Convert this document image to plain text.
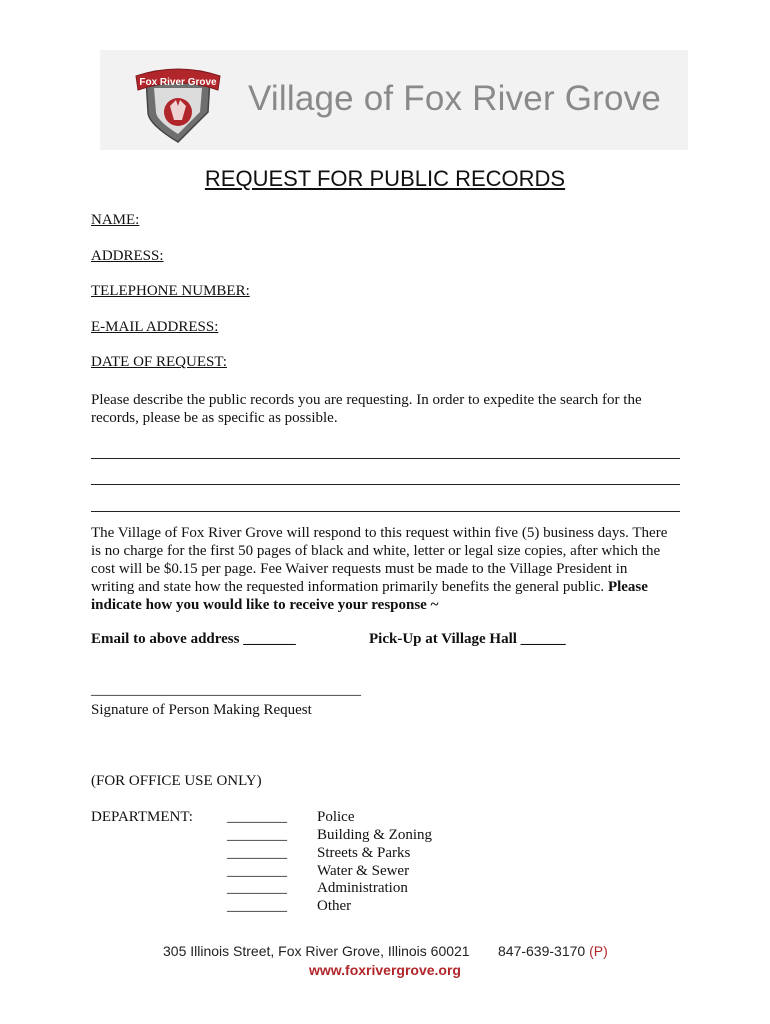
Fox River Grove Village of Fox River Grove
REQUEST FOR PUBLIC RECORDS
NAME:
ADDRESS:
TELEPHONE NUMBER:
E-MAIL ADDRESS:
DATE OF REQUEST:
Please describe the public records you are requesting. In order to expedite the search for the
records, please be as specific as possible.
The Village of Fox River Grove will respond to this request within five (5) business days. There
is no charge for the first 50 pages of black and white, letter or legal size copies, after which the
cost will be $0.15 per page. Fee Waiver requests must be made to the Village President in
writing and state how the requested information primarily benefits the general public. Please
indicate how you would like to receive your response ~
Email to above address _______	Pick-Up at Village Hall ______
____________________________________
Signature of Person Making Request
(FOR OFFICE USE ONLY)
DEPARTMENT: ________
________
________
________
________
________
Police
Building & Zoning
Streets & Parks
Water & Sewer
Administration
Other
305 Illinois Street, Fox River Grove, Illinois 60021 847-639-3170 (P)
www.foxrivergrove.org
